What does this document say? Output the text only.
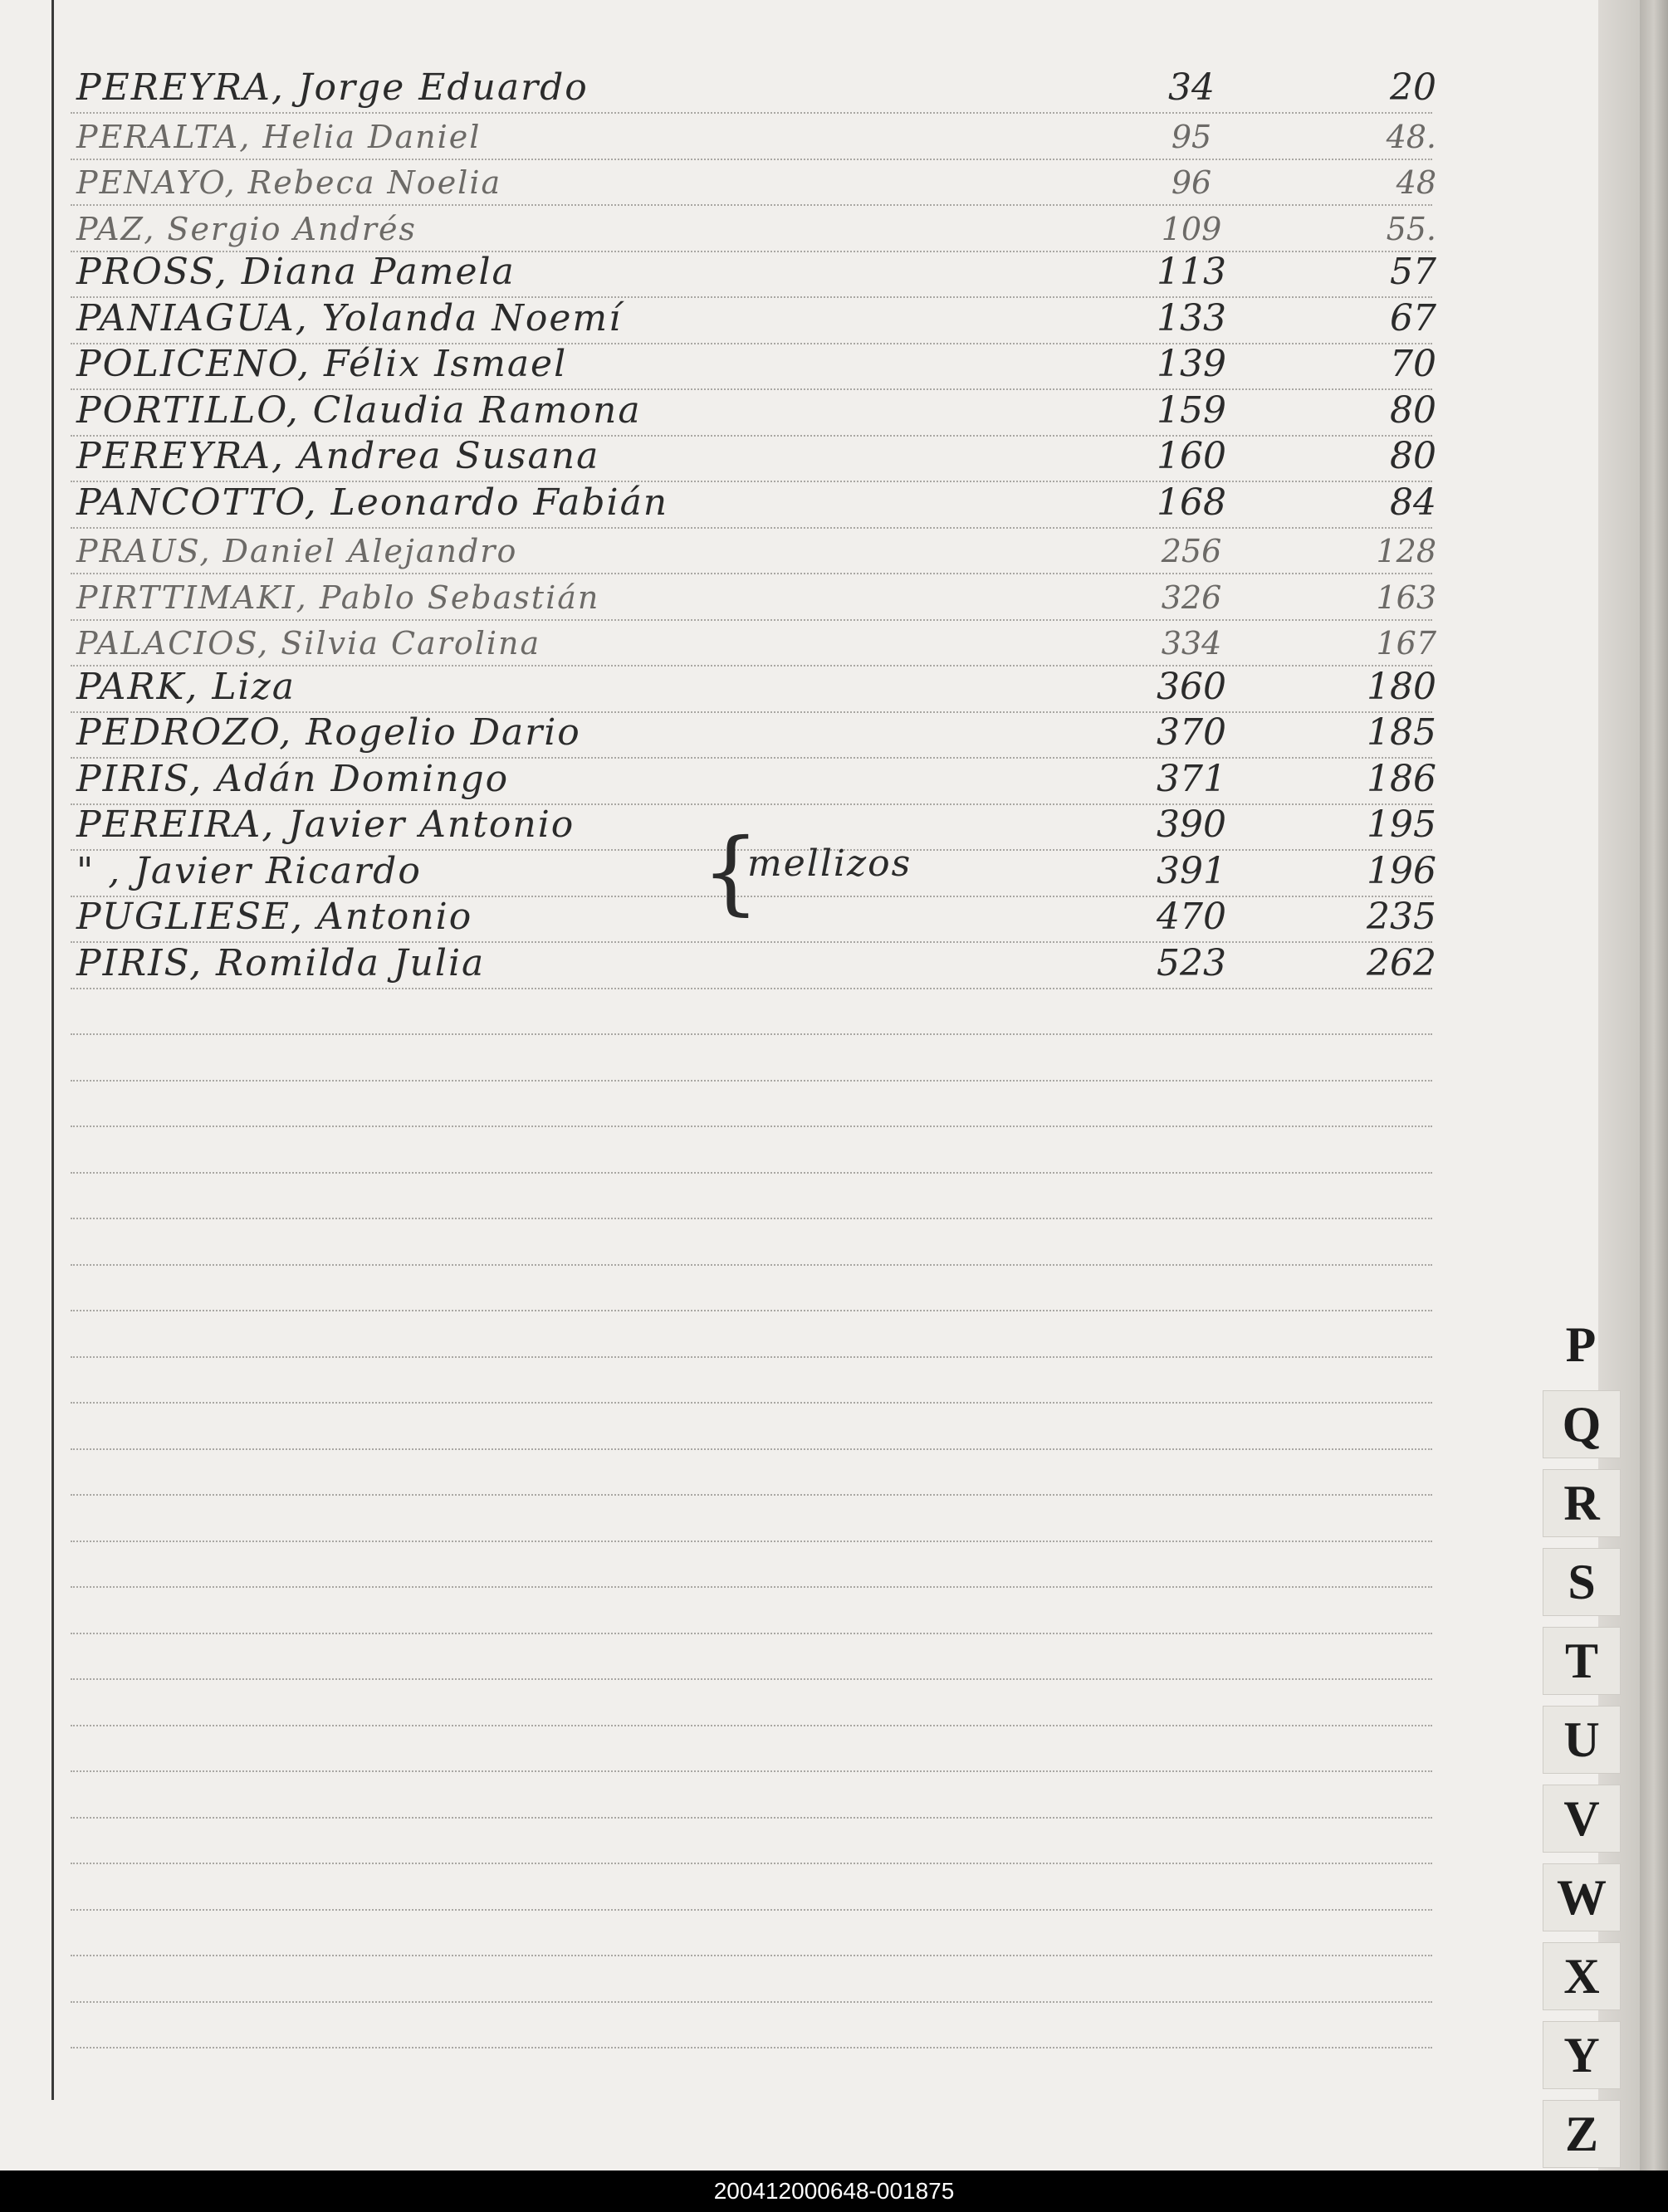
PEREYRA, Jorge Eduardo	34	20
PERALTA, Helia Daniel	95	48.
PENAYO, Rebeca Noelia	96	48
PAZ, Sergio Andrés	109	55.
PROSS, Diana Pamela	113	57
PANIAGUA, Yolanda Noemí	133	67
POLICENO, Félix Ismael	139	70
PORTILLO, Claudia Ramona	159	80
PEREYRA, Andrea Susana	160	80
PANCOTTO, Leonardo Fabián	168	84
PRAUS, Daniel Alejandro	256	128
PIRTTIMAKI, Pablo Sebastián	326	163
PALACIOS, Silvia Carolina	334	167
PARK, Liza	360	180
PEDROZO, Rogelio Dario	370	185
PIRIS, Adán Domingo	371	186
PEREIRA, Javier Antonio	390	195
" , Javier Ricardo	391	196
PUGLIESE, Antonio	470	235
PIRIS, Romilda Julia	523	262
{
mellizos
P
Q
R
S
T
U
V
W
X
Y
Z
200412000648-001875
